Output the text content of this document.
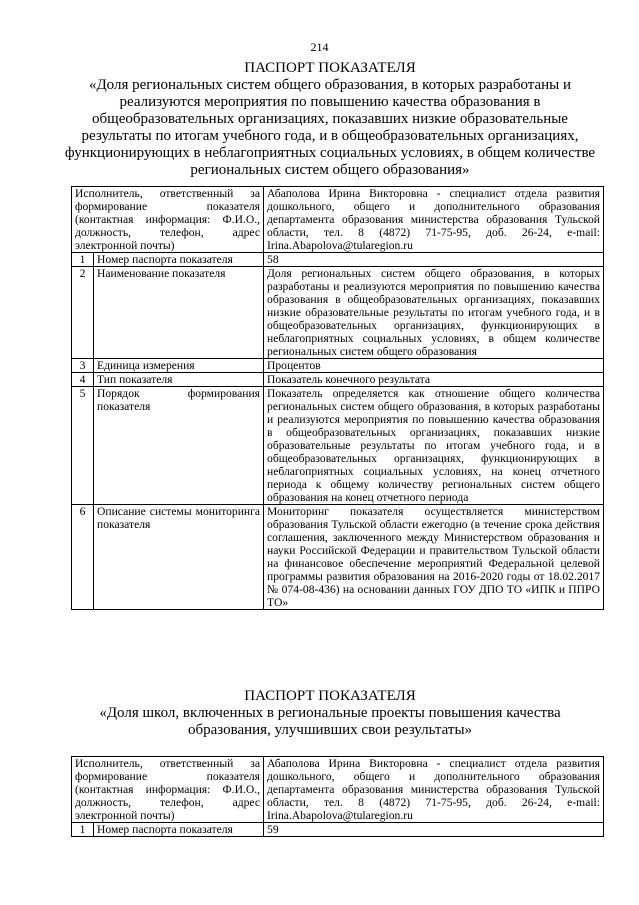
214
ПАСПОРТ ПОКАЗАТЕЛЯ
«Доля региональных систем общего образования, в которых разработаны и реализуются мероприятия по повышению качества образования в общеобразовательных организациях, показавших низкие образовательные результаты по итогам учебного года, и в общеобразовательных организациях, функционирующих в неблагоприятных социальных условиях, в общем количестве региональных систем общего образования»
Исполнитель, ответственный за формирование показателя (контактная информация: Ф.И.О., должность, телефон, адрес электронной почты)		Абаполова Ирина Викторовна - специалист отдела развития дошкольного, общего и дополнительного образования департамента образования министерства образования Тульской области, тел. 8 (4872) 71-75-95, доб. 26-24, e-mail: Irina.Abapolova@tularegion.ru
1	Номер паспорта показателя	58
2	Наименование показателя	Доля региональных систем общего образования, в которых разработаны и реализуются мероприятия по повышению качества образования в общеобразовательных организациях, показавших низкие образовательные результаты по итогам учебного года, и в общеобразовательных организациях, функционирующих в неблагоприятных социальных условиях, в общем количестве региональных систем общего образования
3	Единица измерения	Процентов
4	Тип показателя	Показатель конечного результата
5	Порядок формирования показателя	Показатель определяется как отношение общего количества региональных систем общего образования, в которых разработаны и реализуются мероприятия по повышению качества образования в общеобразовательных организациях, показавших низкие образовательные результаты по итогам учебного года, и в общеобразовательных организациях, функционирующих в неблагоприятных социальных условиях, на конец отчетного периода к общему количеству региональных систем общего образования на конец отчетного периода
6	Описание системы мониторинга показателя	Мониторинг показателя осуществляется министерством образования Тульской области ежегодно (в течение срока действия соглашения, заключенного между Министерством образования и науки Российской Федерации и правительством Тульской области на финансовое обеспечение мероприятий Федеральной целевой программы развития образования на 2016-2020 годы от 18.02.2017 № 074-08-436) на основании данных ГОУ ДПО ТО «ИПК и ППРО ТО»
ПАСПОРТ ПОКАЗАТЕЛЯ
«Доля школ, включенных в региональные проекты повышения качества образования, улучшивших свои результаты»
Исполнитель, ответственный за формирование показателя (контактная информация: Ф.И.О., должность, телефон, адрес электронной почты)		Абаполова Ирина Викторовна - специалист отдела развития дошкольного, общего и дополнительного образования департамента образования министерства образования Тульской области, тел. 8 (4872) 71-75-95, доб. 26-24, e-mail: Irina.Abapolova@tularegion.ru
1	Номер паспорта показателя	59
